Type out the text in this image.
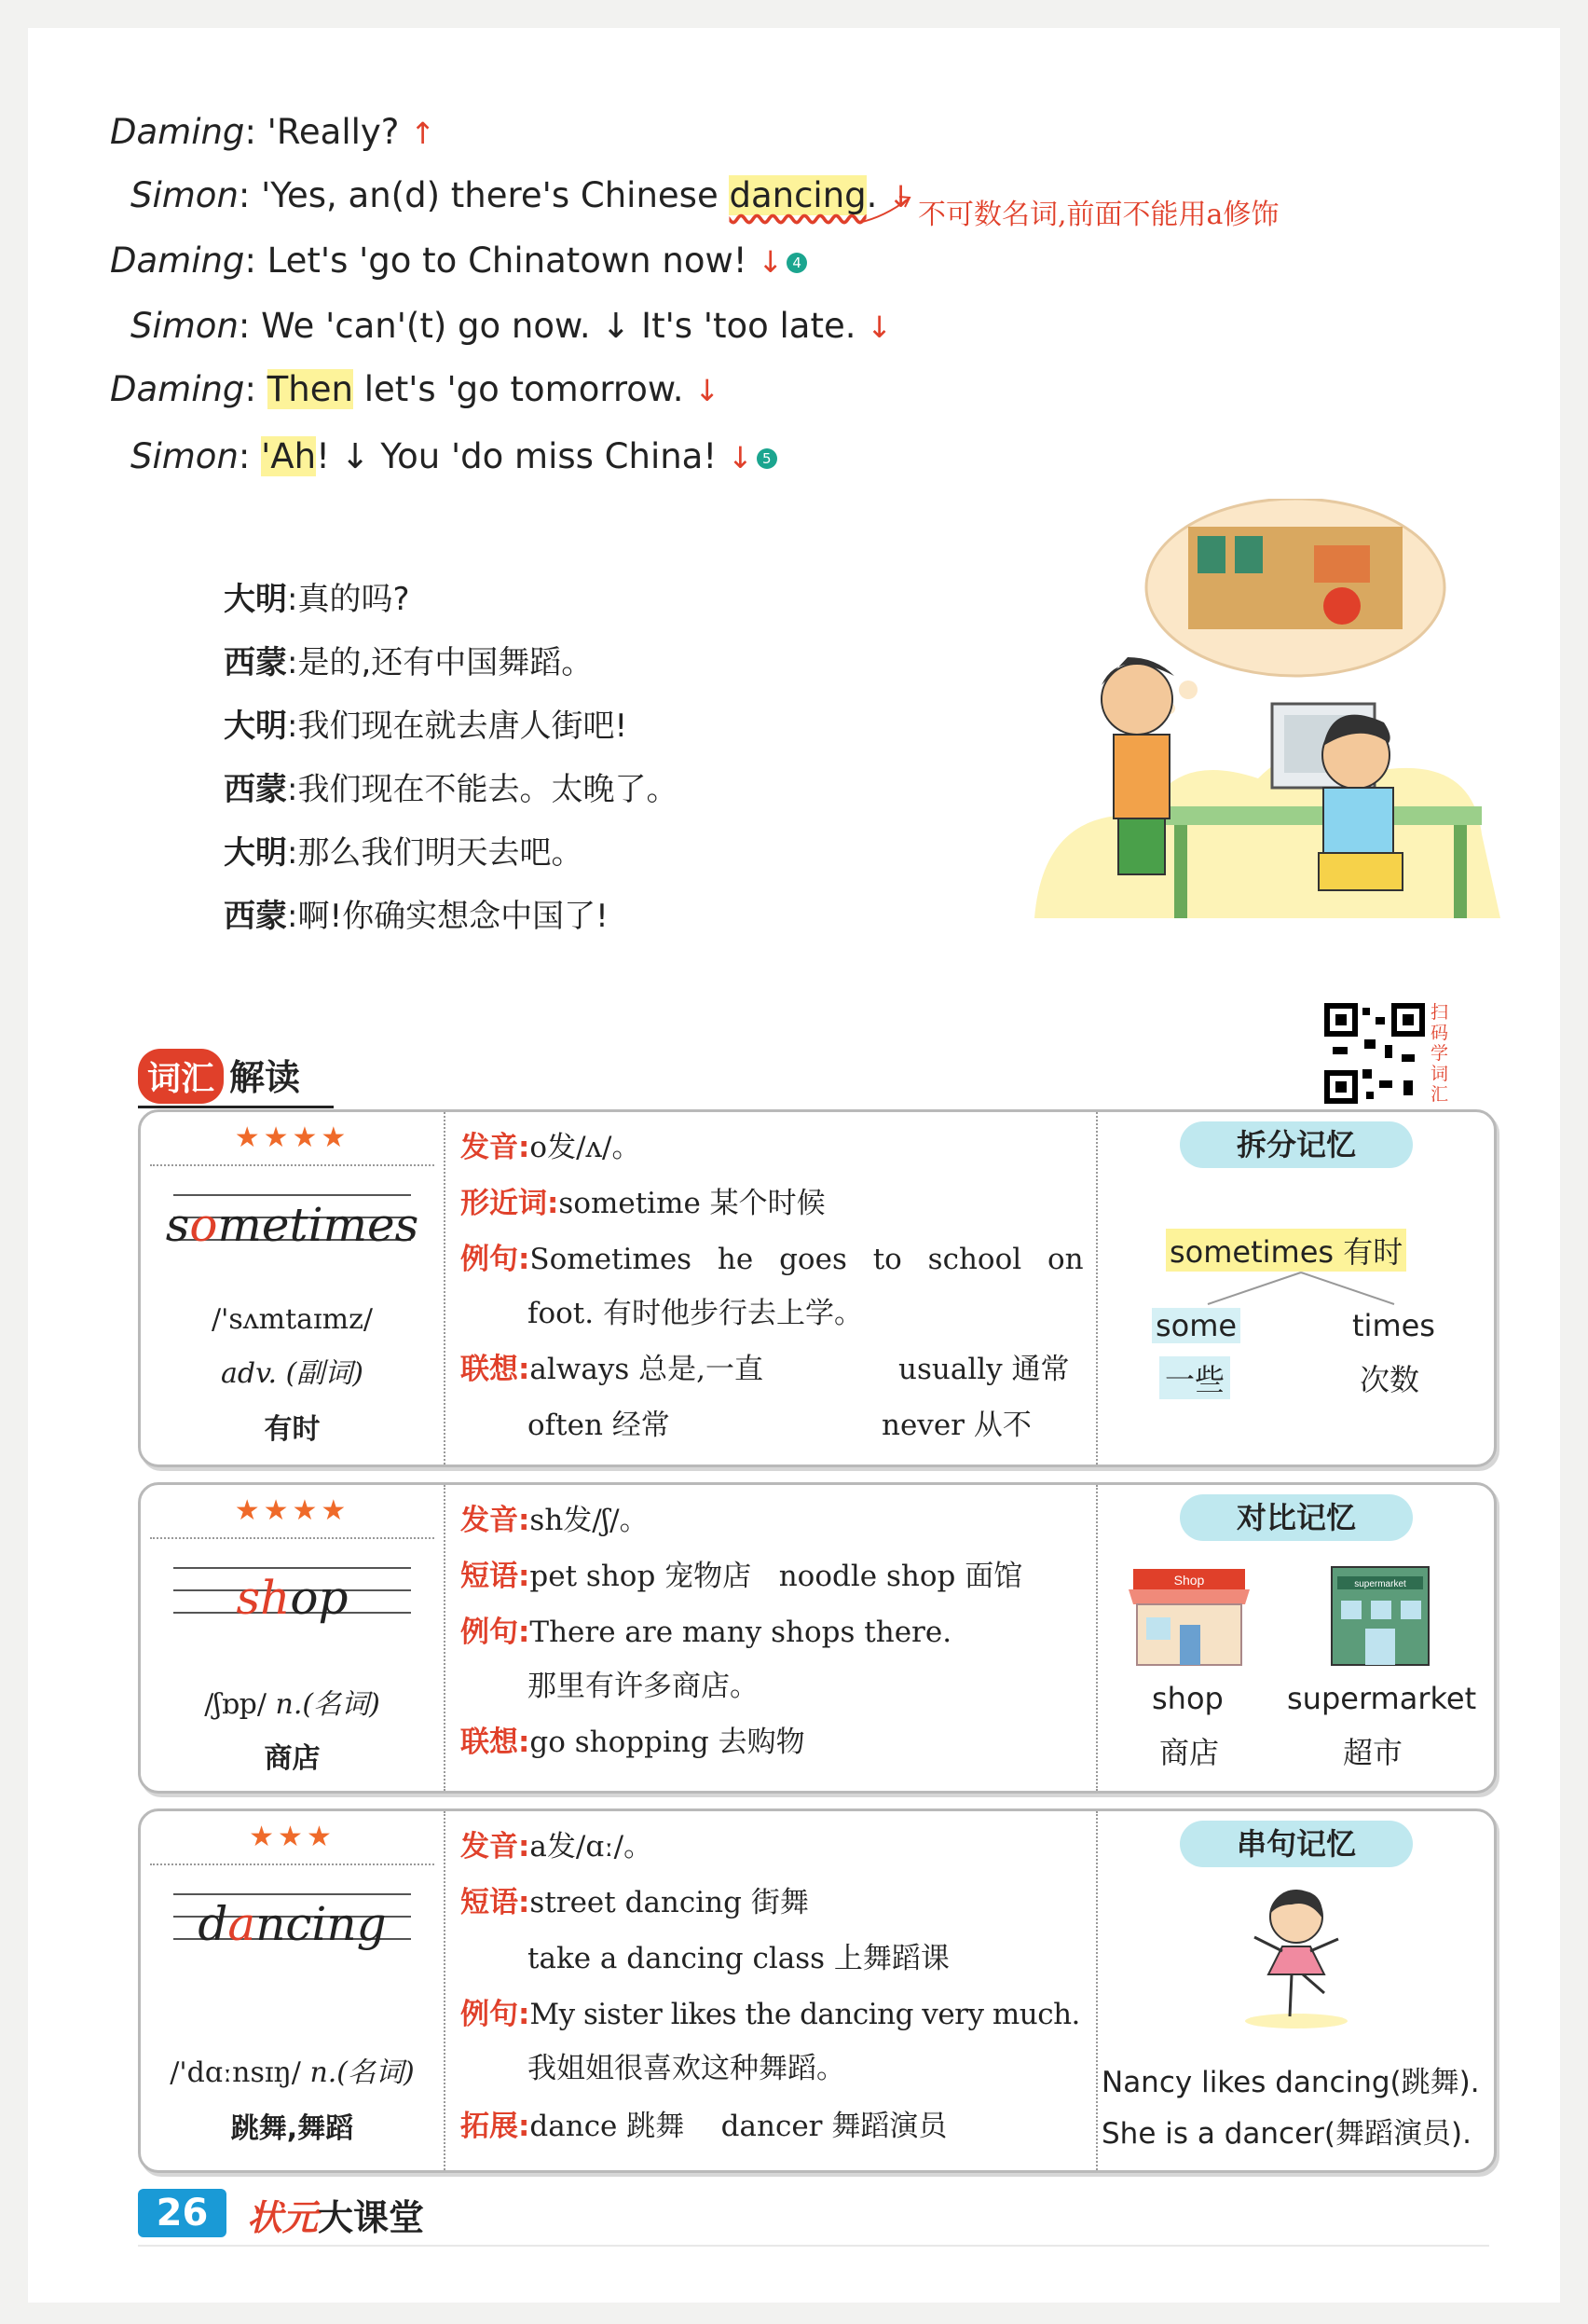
Daming: 'Really? ↑
Simon: 'Yes, an(d) there's Chinese dancing. ↓
Daming: Let's 'go to Chinatown now! ↓ 4
Simon: We 'can'(t) go now. ↓ It's 'too late. ↓
Daming: Then let's 'go tomorrow. ↓
Simon: 'Ah! ↓ You 'do miss China! ↓ 5
不可数名词,前面不能用a修饰
大明:真的吗?
西蒙:是的,还有中国舞蹈。
大明:我们现在就去唐人街吧!
西蒙:我们现在不能去。太晚了。
大明:那么我们明天去吧。
西蒙:啊!你确实想念中国了!
词汇 解读
扫码学词汇
★★★★
sometimes
/'sʌmtaɪmz/
adv. (副词)
有时
发音:o发/ʌ/。
形近词:sometime 某个时候
例句:Sometimes he goes to school on
foot. 有时他步行去上学。
联想:always 总是,一直	usually 通常
often 经常	never 从不
拆分记忆
sometimes 有时
some
一些
times
次数
★★★★
shop
/ʃɒp/ n.(名词)
商店
发音:sh发/ʃ/。
短语:pet shop 宠物店   noodle shop 面馆
例句:There are many shops there.
那里有许多商店。
联想:go shopping 去购物
对比记忆
Shop	supermarket
shop
商店
supermarket
超市
★★★
dancing
/'dɑːnsɪŋ/ n.(名词)
跳舞,舞蹈
发音:a发/ɑː/。
短语:street dancing 街舞
take a dancing class 上舞蹈课
例句:My sister likes the dancing very much.
我姐姐很喜欢这种舞蹈。
拓展:dance 跳舞    dancer 舞蹈演员
串句记忆
Nancy likes dancing(跳舞).
She is a dancer(舞蹈演员).
26	状元大课堂
